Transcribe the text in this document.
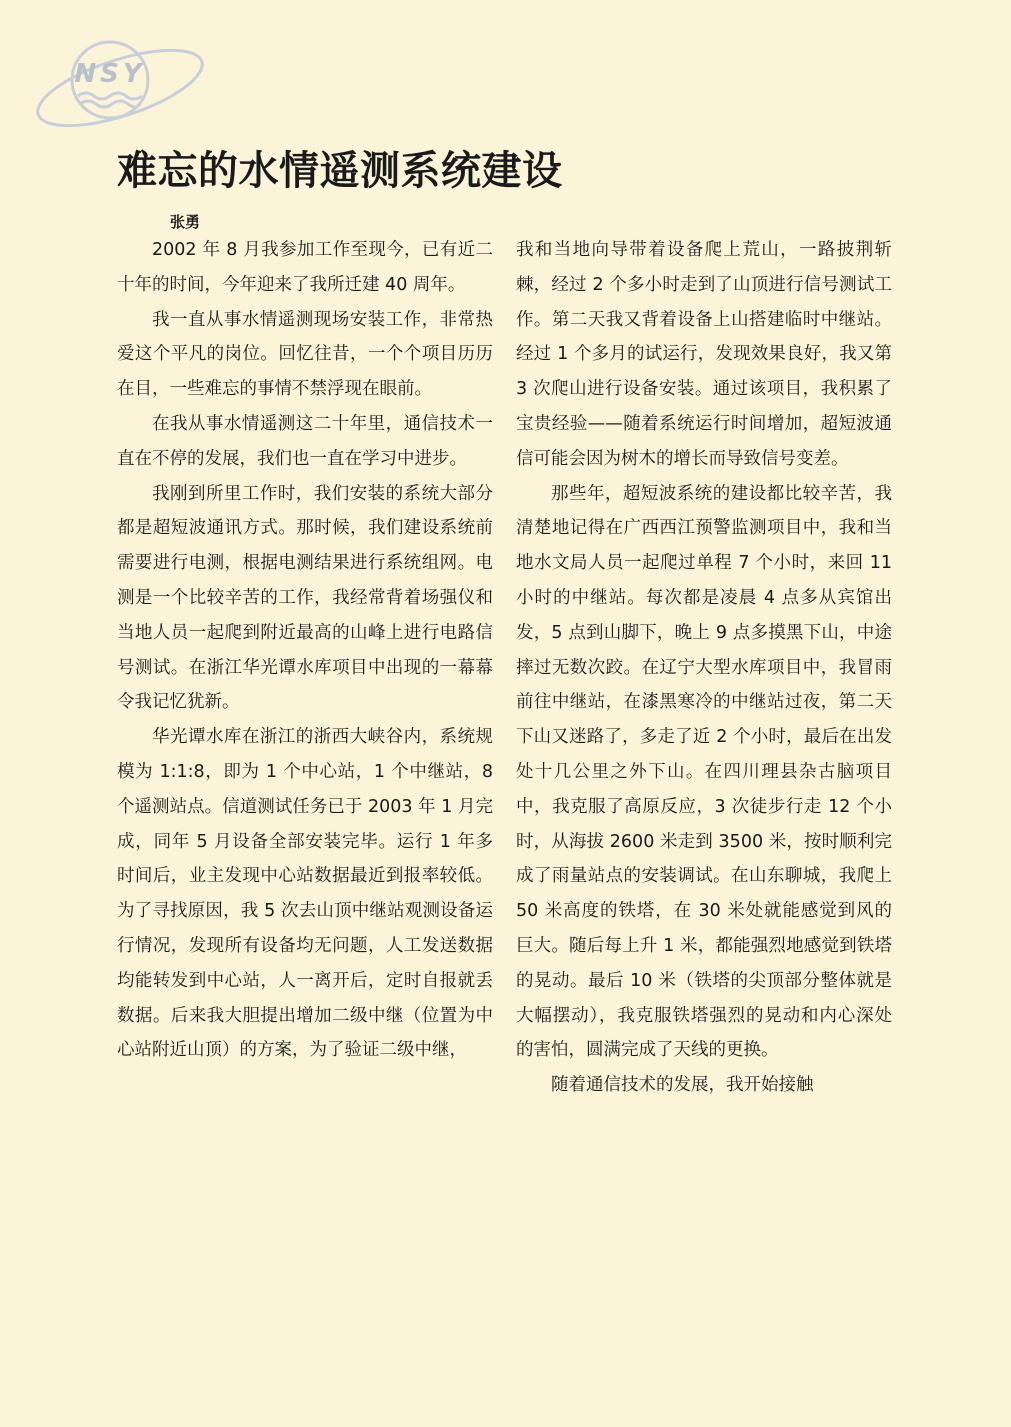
NSY
难忘的水情遥测系统建设
张勇

2002 年 8 月我参加工作至现今，已有近二十年的时间，今年迎来了我所迁建 40 周年。

我一直从事水情遥测现场安装工作，非常热爱这个平凡的岗位。回忆往昔，一个个项目历历在目，一些难忘的事情不禁浮现在眼前。

在我从事水情遥测这二十年里，通信技术一直在不停的发展，我们也一直在学习中进步。

我刚到所里工作时，我们安装的系统大部分都是超短波通讯方式。那时候，我们建设系统前需要进行电测，根据电测结果进行系统组网。电测是一个比较辛苦的工作，我经常背着场强仪和当地人员一起爬到附近最高的山峰上进行电路信号测试。在浙江华光谭水库项目中出现的一幕幕令我记忆犹新。

华光谭水库在浙江的浙西大峡谷内，系统规模为 1:1:8，即为 1 个中心站，1 个中继站，8 个遥测站点。信道测试任务已于 2003 年 1 月完成，同年 5 月设备全部安装完毕。运行 1 年多时间后，业主发现中心站数据最近到报率较低。为了寻找原因，我 5 次去山顶中继站观测设备运行情况，发现所有设备均无问题，人工发送数据均能转发到中心站，人一离开后，定时自报就丢数据。后来我大胆提出增加二级中继（位置为中心站附近山顶）的方案，为了验证二级中继，

我和当地向导带着设备爬上荒山，一路披荆斩棘，经过 2 个多小时走到了山顶进行信号测试工作。第二天我又背着设备上山搭建临时中继站。经过 1 个多月的试运行，发现效果良好，我又第 3 次爬山进行设备安装。通过该项目，我积累了宝贵经验——随着系统运行时间增加，超短波通信可能会因为树木的增长而导致信号变差。

那些年，超短波系统的建设都比较辛苦，我清楚地记得在广西西江预警监测项目中，我和当地水文局人员一起爬过单程 7 个小时，来回 11 小时的中继站。每次都是凌晨 4 点多从宾馆出发，5 点到山脚下，晚上 9 点多摸黑下山，中途摔过无数次跤。在辽宁大型水库项目中，我冒雨前往中继站，在漆黑寒冷的中继站过夜，第二天下山又迷路了，多走了近 2 个小时，最后在出发处十几公里之外下山。在四川理县杂古脑项目中，我克服了高原反应，3 次徒步行走 12 个小时，从海拔 2600 米走到 3500 米，按时顺利完成了雨量站点的安装调试。在山东聊城，我爬上 50 米高度的铁塔，在 30 米处就能感觉到风的巨大。随后每上升 1 米，都能强烈地感觉到铁塔的晃动。最后 10 米（铁塔的尖顶部分整体就是大幅摆动），我克服铁塔强烈的晃动和内心深处的害怕，圆满完成了天线的更换。

随着通信技术的发展，我开始接触
